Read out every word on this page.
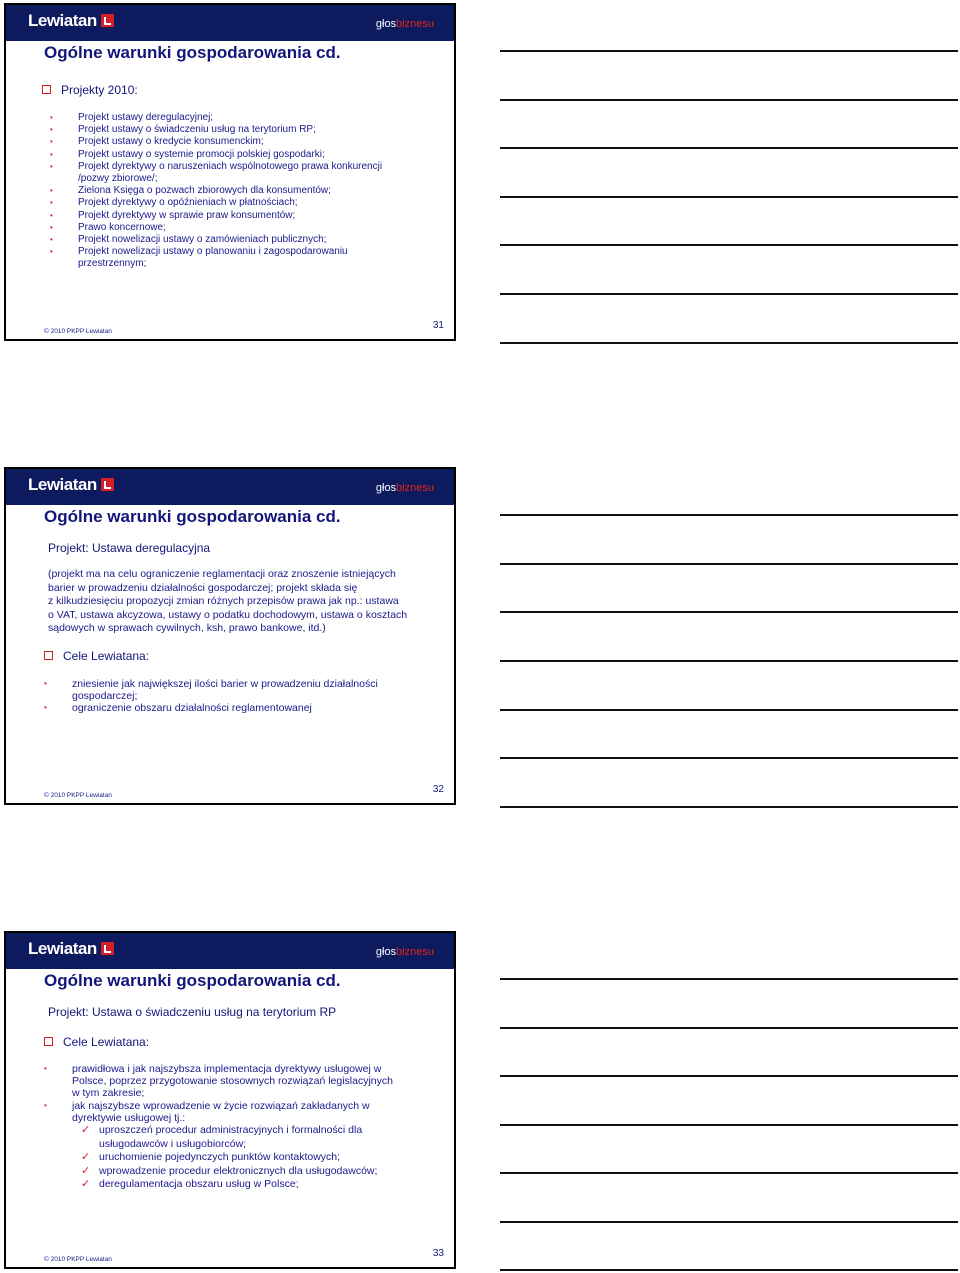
Lewiatan	głosbiznesu
Ogólne warunki gospodarowania cd.
Projekty 2010:
•	Projekt ustawy deregulacyjnej;
•	Projekt ustawy o świadczeniu usług na terytorium RP;
•	Projekt ustawy o kredycie konsumenckim;
•	Projekt ustawy o systemie promocji polskiej gospodarki;
•	Projekt dyrektywy o naruszeniach wspólnotowego prawa konkurencji
/pozwy zbiorowe/;
•	Zielona Księga o pozwach zbiorowych dla konsumentów;
•	Projekt dyrektywy o opóźnieniach w płatnościach;
•	Projekt dyrektywy w sprawie praw konsumentów;
•	Prawo koncernowe;
•	Projekt nowelizacji ustawy o zamówieniach publicznych;
•	Projekt nowelizacji ustawy o planowaniu i zagospodarowaniu
przestrzennym;
© 2010 PKPP Lewiatan
31
Lewiatan	głosbiznesu
Ogólne warunki gospodarowania cd.
Projekt: Ustawa deregulacyjna
(projekt ma na celu ograniczenie reglamentacji oraz znoszenie istniejących
barier w prowadzeniu działalności gospodarczej; projekt składa się
z kilkudziesięciu propozycji zmian różnych przepisów prawa jak np.: ustawa
o VAT, ustawa akcyzowa, ustawy o podatku dochodowym, ustawa o kosztach
sądowych w sprawach cywilnych, ksh, prawo bankowe, itd.)
Cele Lewiatana:
• zniesienie jak największej ilości barier w prowadzeniu działalności
gospodarczej;
• ograniczenie obszaru działalności reglamentowanej
© 2010 PKPP Lewiatan
32
Lewiatan	głosbiznesu
Ogólne warunki gospodarowania cd.
Projekt: Ustawa o świadczeniu usług na terytorium RP
Cele Lewiatana:
• prawidłowa i jak najszybsza implementacja dyrektywy usługowej w
Polsce, poprzez przygotowanie stosownych rozwiązań legislacyjnych
w tym zakresie;
• jak najszybsze wprowadzenie w życie rozwiązań zakładanych w
dyrektywie usługowej tj.:
✓ uproszczeń procedur administracyjnych i formalności dla
usługodawców i usługobiorców;
✓ uruchomienie pojedynczych punktów kontaktowych;
✓ wprowadzenie procedur elektronicznych dla usługodawców;
✓ deregulamentacja obszaru usług w Polsce;
© 2010 PKPP Lewiatan
33
